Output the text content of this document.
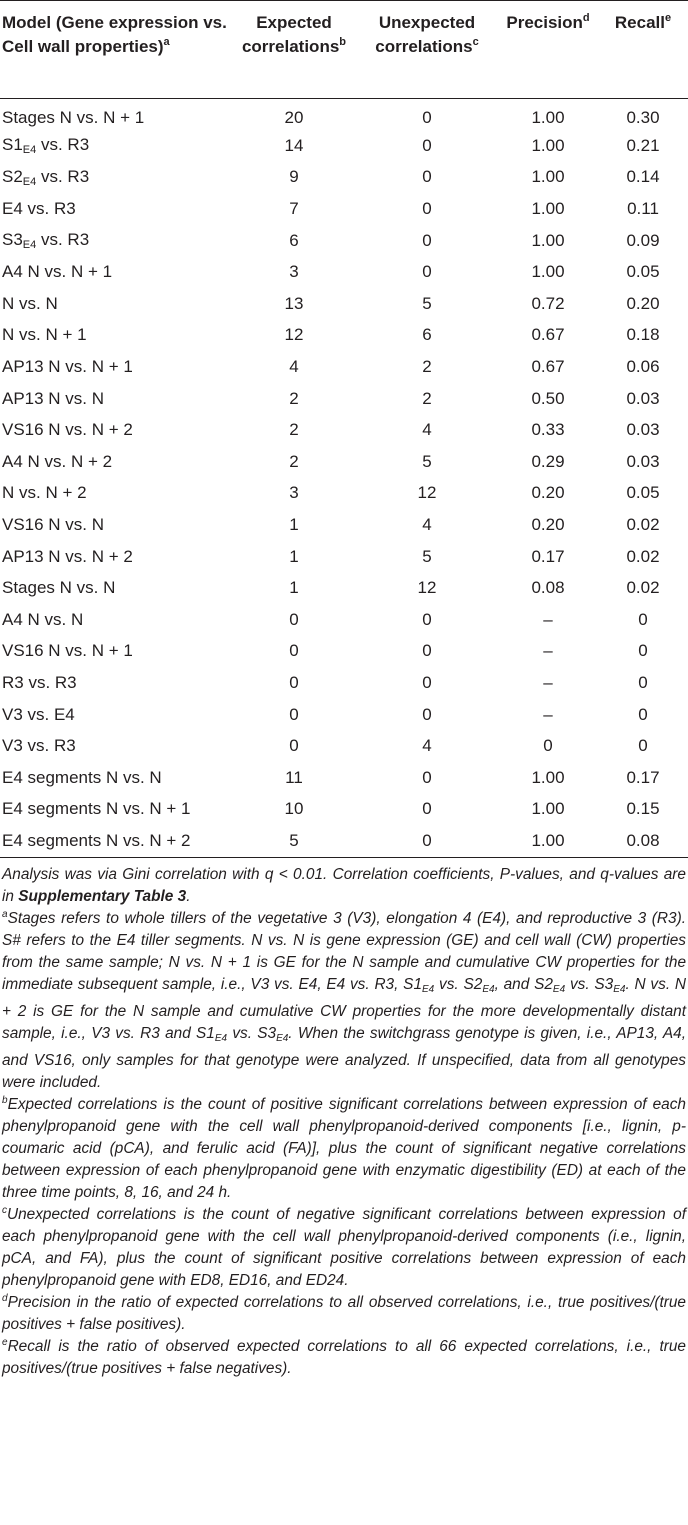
Model (Gene expression vs. Cell wall properties)$^a$	Expected correlations$^b$	Unexpected correlations$^c$	Precision$^d$	Recall$^e$
Stages N vs. N + 1	20	0	1.00	0.30
$S1_{E4}$ vs. R3	14	0	1.00	0.21
$S2_{E4}$ vs. R3	9	0	1.00	0.14
E4 vs. R3	7	0	1.00	0.11
$S3_{E4}$ vs. R3	6	0	1.00	0.09
A4 N vs. N + 1	3	0	1.00	0.05
N vs. N	13	5	0.72	0.20
N vs. N + 1	12	6	0.67	0.18
AP13 N vs. N + 1	4	2	0.67	0.06
AP13 N vs. N	2	2	0.50	0.03
VS16 N vs. N + 2	2	4	0.33	0.03
A4 N vs. N + 2	2	5	0.29	0.03
N vs. N + 2	3	12	0.20	0.05
VS16 N vs. N	1	4	0.20	0.02
AP13 N vs. N + 2	1	5	0.17	0.02
Stages N vs. N	1	12	0.08	0.02
A4 N vs. N	0	0	–	0
VS16 N vs. N + 1	0	0	–	0
R3 vs. R3	0	0	–	0
V3 vs. E4	0	0	–	0
V3 vs. R3	0	4	0	0
E4 segments N vs. N	11	0	1.00	0.17
E4 segments N vs. N + 1	10	0	1.00	0.15
E4 segments N vs. N + 2	5	0	1.00	0.08

Analysis was via Gini correlation with q < 0.01. Correlation coefficients, P-values, and q-values are in Supplementary Table 3.

$^a$Stages refers to whole tillers of the vegetative 3 (V3), elongation 4 (E4), and reproductive 3 (R3). S# refers to the E4 tiller segments. N vs. N is gene expression (GE) and cell wall (CW) properties from the same sample; N vs. N + 1 is GE for the N sample and cumulative CW properties for the immediate subsequent sample, i.e., V3 vs. E4, E4 vs. R3, $S1_{E4}$ vs. $S2_{E4}$, and $S2_{E4}$ vs. $S3_{E4}$. N vs. N + 2 is GE for the N sample and cumulative CW properties for the more developmentally distant sample, i.e., V3 vs. R3 and $S1_{E4}$ vs. $S3_{E4}$. When the switchgrass genotype is given, i.e., AP13, A4, and VS16, only samples for that genotype were analyzed. If unspecified, data from all genotypes were included.

$^b$Expected correlations is the count of positive significant correlations between expression of each phenylpropanoid gene with the cell wall phenylpropanoid-derived components [i.e., lignin, p-coumaric acid (pCA), and ferulic acid (FA)], plus the count of significant negative correlations between expression of each phenylpropanoid gene with enzymatic digestibility (ED) at each of the three time points, 8, 16, and 24 h.

$^c$Unexpected correlations is the count of negative significant correlations between expression of each phenylpropanoid gene with the cell wall phenylpropanoid-derived components (i.e., lignin, pCA, and FA), plus the count of significant positive correlations between expression of each phenylpropanoid gene with ED8, ED16, and ED24.

$^d$Precision in the ratio of expected correlations to all observed correlations, i.e., true positives/(true positives + false positives).

$^e$Recall is the ratio of observed expected correlations to all 66 expected correlations, i.e., true positives/(true positives + false negatives).
